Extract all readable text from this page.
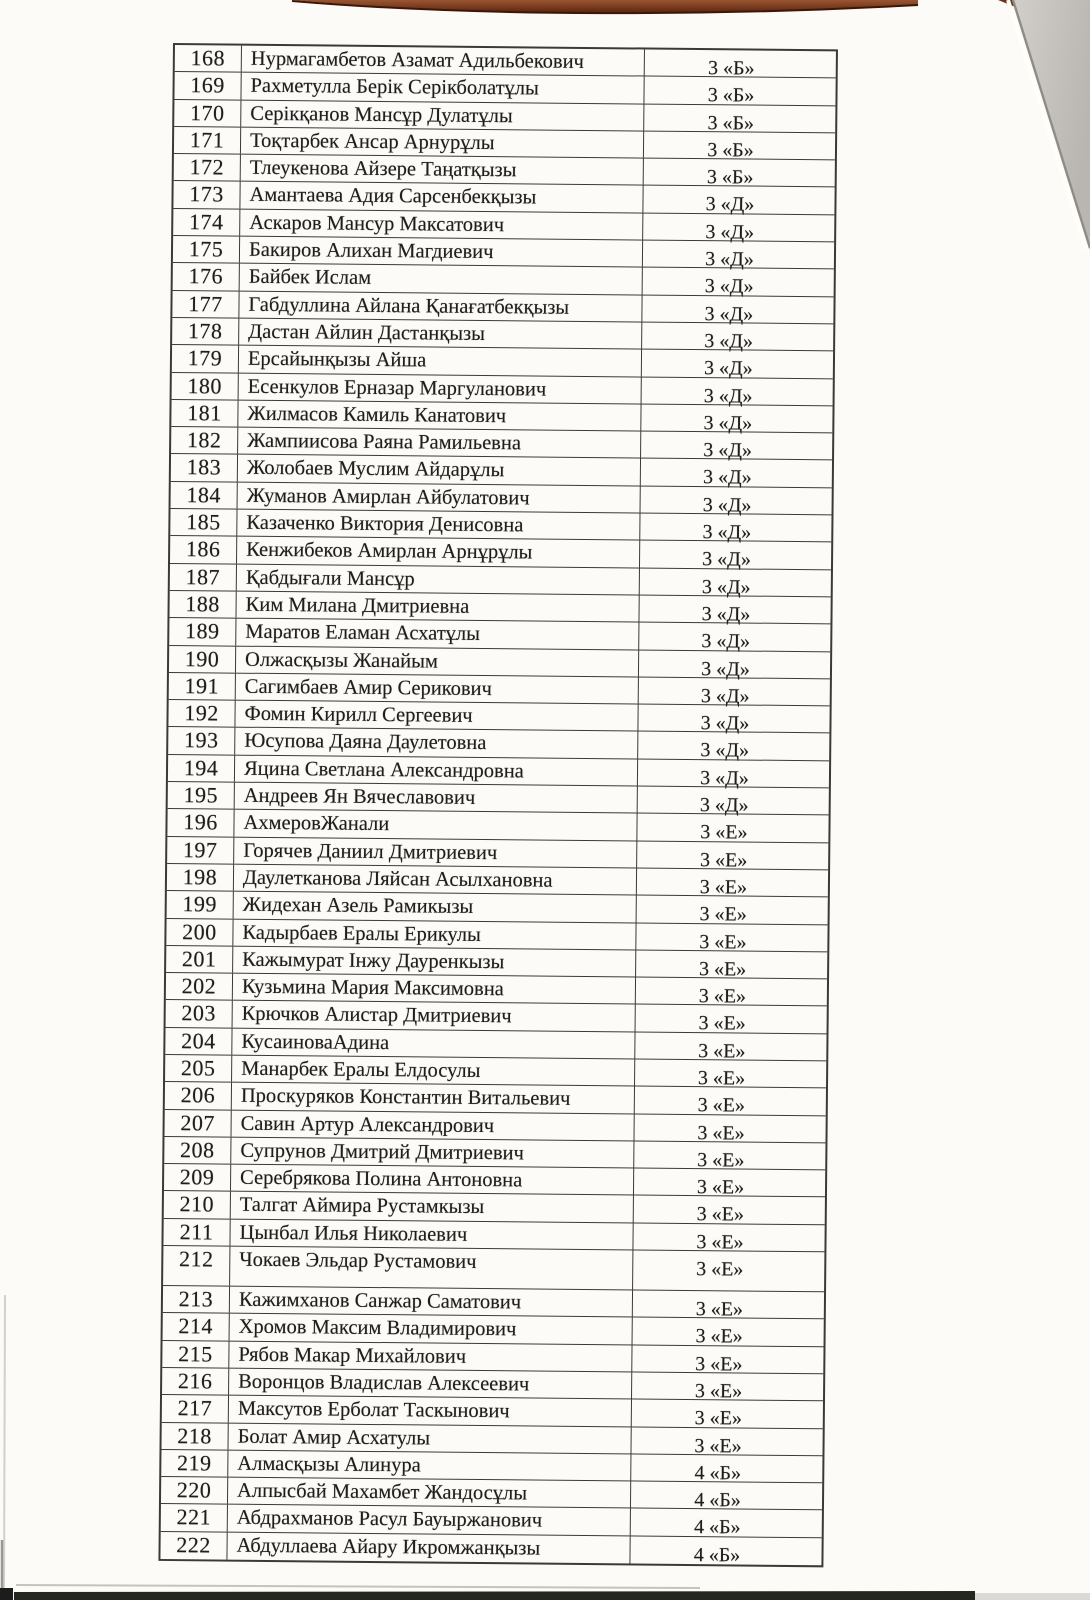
168	Нурмагамбетов Азамат Адильбекович	3 «Б»
169	Рахметулла Берік Серікболатұлы	3 «Б»
170	Серікқанов Мансұр Дулатұлы	3 «Б»
171	Тоқтарбек Ансар Арнурұлы	3 «Б»
172	Тлеукенова Айзере Таңатқызы	3 «Б»
173	Амантаева Адия Сарсенбекқызы	3 «Д»
174	Аскаров Мансур Максатович	3 «Д»
175	Бакиров Алихан Магдиевич	3 «Д»
176	Байбек Ислам	3 «Д»
177	Габдуллина Айлана Қанағатбекқызы	3 «Д»
178	Дастан Айлин Дастанқызы	3 «Д»
179	Ерсайынқызы Айша	3 «Д»
180	Есенкулов Ерназар Маргуланович	3 «Д»
181	Жилмасов Камиль Канатович	3 «Д»
182	Жампиисова Раяна Рамильевна	3 «Д»
183	Жолобаев Муслим Айдарұлы	3 «Д»
184	Жуманов Амирлан Айбулатович	3 «Д»
185	Казаченко Виктория Денисовна	3 «Д»
186	Кенжибеков Амирлан Арнұрұлы	3 «Д»
187	Қабдығали Мансұр	3 «Д»
188	Ким Милана Дмитриевна	3 «Д»
189	Маратов Еламан Асхатұлы	3 «Д»
190	Олжасқызы Жанайым	3 «Д»
191	Сагимбаев Амир Серикович	3 «Д»
192	Фомин Кирилл Сергеевич	3 «Д»
193	Юсупова Даяна Даулетовна	3 «Д»
194	Яцина Светлана Александровна	3 «Д»
195	Андреев Ян Вячеславович	3 «Д»
196	АхмеровЖанали	3 «Е»
197	Горячев Даниил Дмитриевич	3 «Е»
198	Даулетканова Ляйсан Асылхановна	3 «Е»
199	Жидехан Азель Рамикызы	3 «Е»
200	Кадырбаев Ералы Ерикулы	3 «Е»
201	Кажымурат Інжу Дауренкызы	3 «Е»
202	Кузьмина Мария Максимовна	3 «Е»
203	Крючков Алистар Дмитриевич	3 «Е»
204	КусаиноваАдина	3 «Е»
205	Манарбек Ералы Елдосулы	3 «Е»
206	Проскуряков Константин Витальевич	3 «Е»
207	Савин Артур Александрович	3 «Е»
208	Супрунов Дмитрий Дмитриевич	3 «Е»
209	Серебрякова Полина Антоновна	3 «Е»
210	Талгат Аймира Рустамкызы	3 «Е»
211	Цынбал Илья Николаевич	3 «Е»
212	Чокаев Эльдар Рустамович	3 «Е»
213	Кажимханов Санжар Саматович	3 «Е»
214	Хромов Максим Владимирович	3 «Е»
215	Рябов Макар Михайлович	3 «Е»
216	Воронцов Владислав Алексеевич	3 «Е»
217	Максутов Ерболат Таскынович	3 «Е»
218	Болат Амир Асхатулы	3 «Е»
219	Алмасқызы Алинура	4 «Б»
220	Алпысбай Махамбет Жандосұлы	4 «Б»
221	Абдрахманов Расул Бауыржанович	4 «Б»
222	Абдуллаева Айару Икромжанқызы	4 «Б»
